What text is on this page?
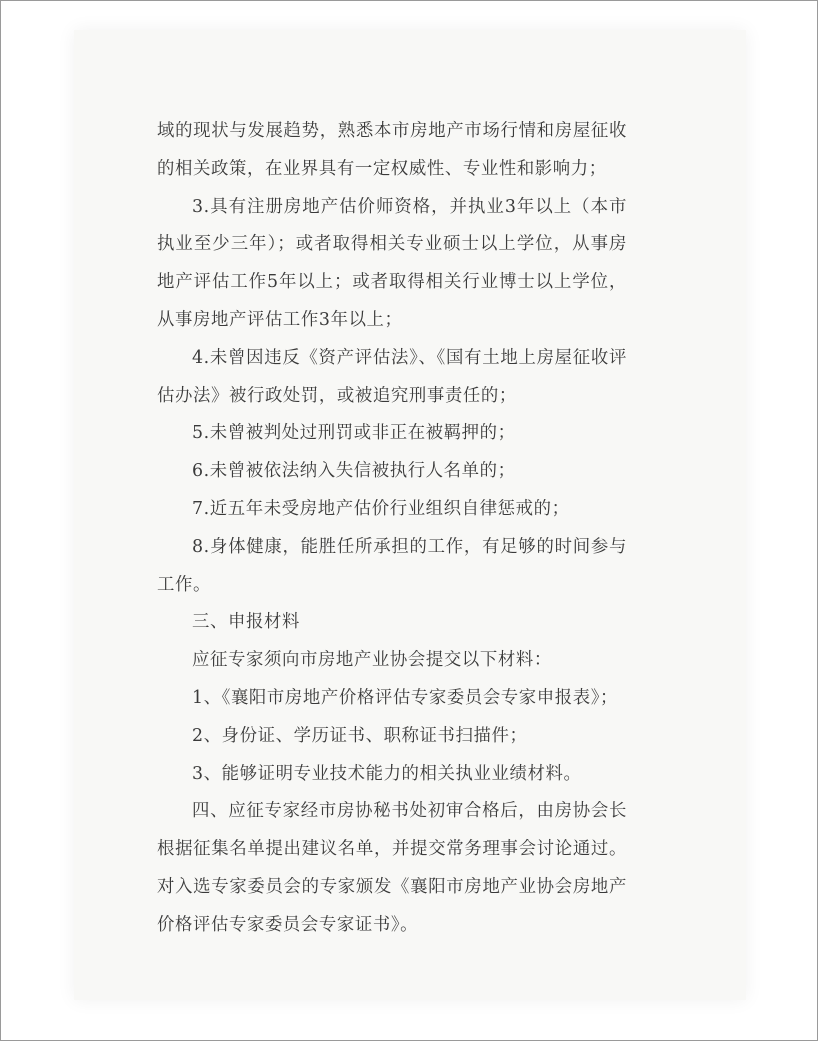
域的现状与发展趋势，熟悉本市房地产市场行情和房屋征收的相关政策，在业界具有一定权威性、专业性和影响力；

3.具有注册房地产估价师资格，并执业3年以上（本市执业至少三年）；或者取得相关专业硕士以上学位，从事房地产评估工作5年以上；或者取得相关行业博士以上学位，从事房地产评估工作3年以上；

4.未曾因违反《资产评估法》、《国有土地上房屋征收评估办法》被行政处罚，或被追究刑事责任的；

5.未曾被判处过刑罚或非正在被羁押的；

6.未曾被依法纳入失信被执行人名单的；

7.近五年未受房地产估价行业组织自律惩戒的；

8.身体健康，能胜任所承担的工作，有足够的时间参与工作。

三、申报材料

应征专家须向市房地产业协会提交以下材料：

1、《襄阳市房地产价格评估专家委员会专家申报表》；

2、身份证、学历证书、职称证书扫描件；

3、能够证明专业技术能力的相关执业业绩材料。

四、应征专家经市房协秘书处初审合格后，由房协会长根据征集名单提出建议名单，并提交常务理事会讨论通过。对入选专家委员会的专家颁发《襄阳市房地产业协会房地产价格评估专家委员会专家证书》。
